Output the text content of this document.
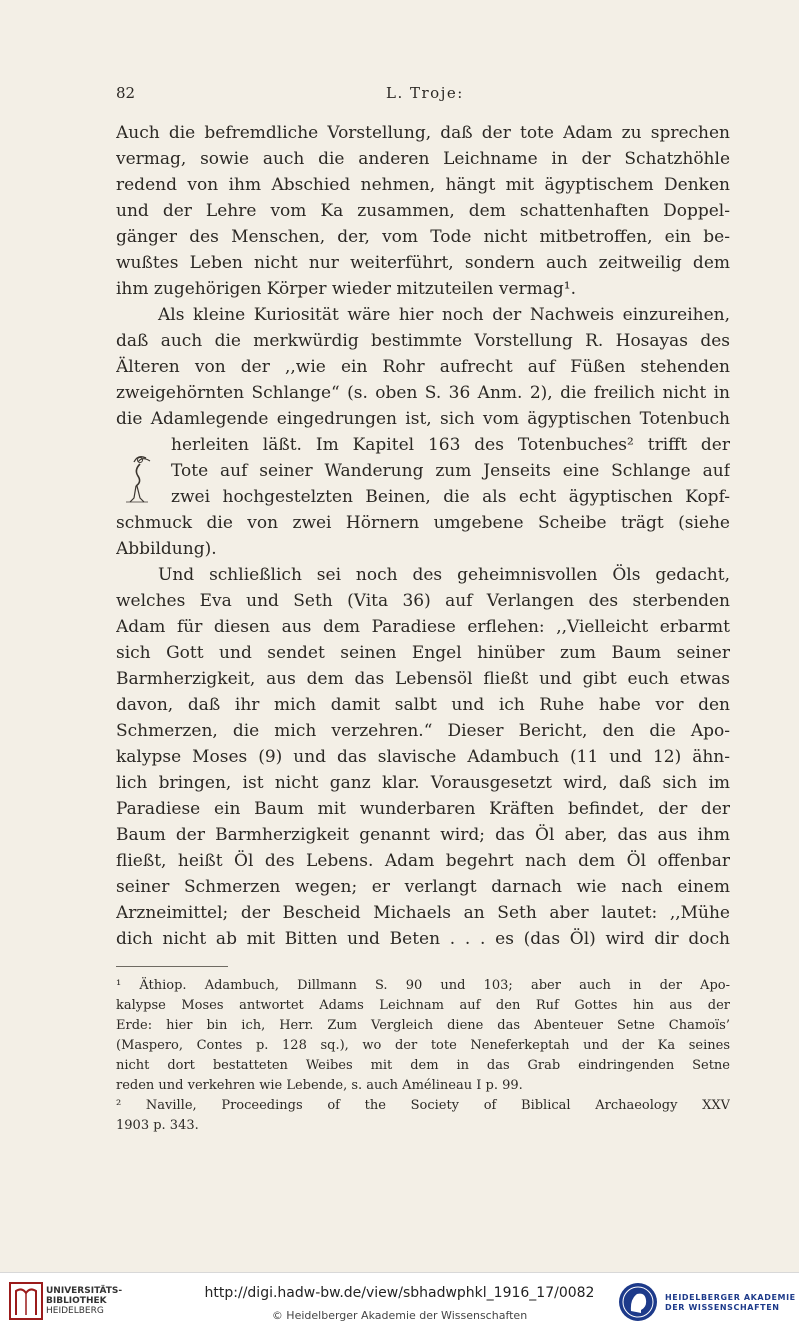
82	L. Troje:
Auch die befremdliche Vorstellung, daß der tote Adam zu sprechen
vermag, sowie auch die anderen Leichname in der Schatzhöhle
redend von ihm Abschied nehmen, hängt mit ägyptischem Denken
und der Lehre vom Ka zusammen, dem schattenhaften Doppel-
gänger des Menschen, der, vom Tode nicht mitbetroffen, ein be-
wußtes Leben nicht nur weiterführt, sondern auch zeitweilig dem
ihm zugehörigen Körper wieder mitzuteilen vermag¹.
Als kleine Kuriosität wäre hier noch der Nachweis einzureihen,
daß auch die merkwürdig bestimmte Vorstellung R. Hosayas des
Älteren von der ,,wie ein Rohr aufrecht auf Füßen stehenden
zweigehörnten Schlange“ (s. oben S. 36 Anm. 2), die freilich nicht in
die Adamlegende eingedrungen ist, sich vom ägyptischen Totenbuch
herleiten läßt. Im Kapitel 163 des Totenbuches² trifft der
Tote auf seiner Wanderung zum Jenseits eine Schlange auf
zwei hochgestelzten Beinen, die als echt ägyptischen Kopf-
schmuck die von zwei Hörnern umgebene Scheibe trägt (siehe
Abbildung).
Und schließlich sei noch des geheimnisvollen Öls gedacht,
welches Eva und Seth (Vita 36) auf Verlangen des sterbenden
Adam für diesen aus dem Paradiese erflehen: ,,Vielleicht erbarmt
sich Gott und sendet seinen Engel hinüber zum Baum seiner
Barmherzigkeit, aus dem das Lebensöl fließt und gibt euch etwas
davon, daß ihr mich damit salbt und ich Ruhe habe vor den
Schmerzen, die mich verzehren.“ Dieser Bericht, den die Apo-
kalypse Moses (9) und das slavische Adambuch (11 und 12) ähn-
lich bringen, ist nicht ganz klar. Vorausgesetzt wird, daß sich im
Paradiese ein Baum mit wunderbaren Kräften befindet, der der
Baum der Barmherzigkeit genannt wird; das Öl aber, das aus ihm
fließt, heißt Öl des Lebens. Adam begehrt nach dem Öl offenbar
seiner Schmerzen wegen; er verlangt darnach wie nach einem
Arzneimittel; der Bescheid Michaels an Seth aber lautet: ,,Mühe
dich nicht ab mit Bitten und Beten . . . es (das Öl) wird dir doch
¹ Äthiop. Adambuch, Dillmann S. 90 und 103; aber auch in der Apo-
kalypse Moses antwortet Adams Leichnam auf den Ruf Gottes hin aus der
Erde: hier bin ich, Herr. Zum Vergleich diene das Abenteuer Setne Chamoïs’
(Maspero, Contes p. 128 sq.), wo der tote Neneferkeptah und der Ka seines
nicht dort bestatteten Weibes mit dem in das Grab eindringenden Setne
reden und verkehren wie Lebende, s. auch Amélineau I p. 99.
² Naville, Proceedings of the Society of Biblical Archaeology XXV
1903 p. 343.
UNIVERSITÄTS-
BIBLIOTHEK
HEIDELBERG
http://digi.hadw-bw.de/view/sbhadwphkl_1916_17/0082
© Heidelberger Akademie der Wissenschaften
HEIDELBERGER AKADEMIE
DER WISSENSCHAFTEN
